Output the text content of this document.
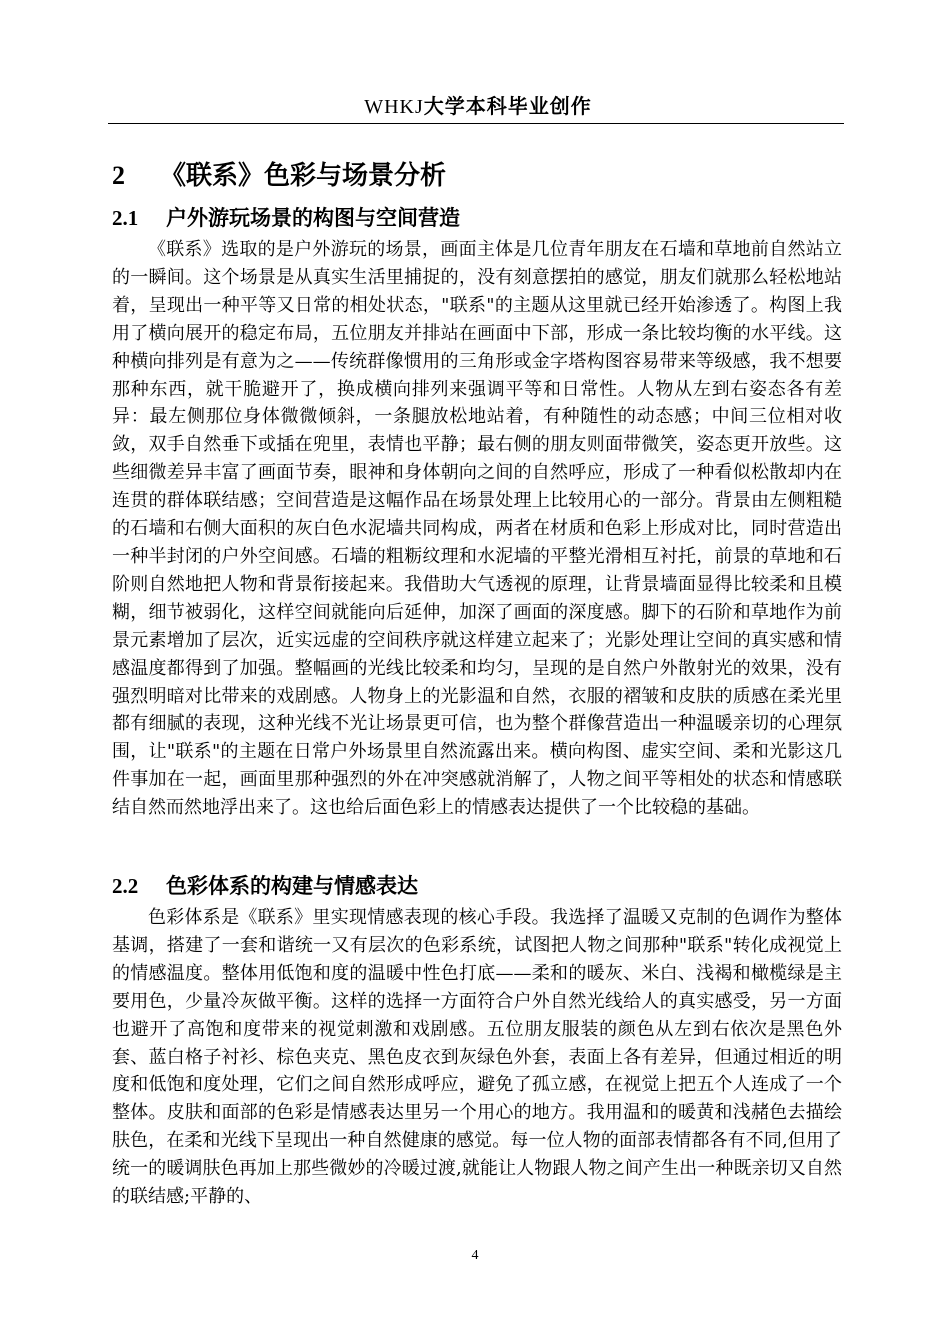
WHKJ大学本科毕业创作
2 《联系》色彩与场景分析
2.1 户外游玩场景的构图与空间营造

《联系》选取的是户外游玩的场景，画面主体是几位青年朋友在石墙和草地前自然站立的一瞬间。这个场景是从真实生活里捕捉的，没有刻意摆拍的感觉，朋友们就那么轻松地站着，呈现出一种平等又日常的相处状态，"联系"的主题从这里就已经开始渗透了。构图上我用了横向展开的稳定布局，五位朋友并排站在画面中下部，形成一条比较均衡的水平线。这种横向排列是有意为之——传统群像惯用的三角形或金字塔构图容易带来等级感，我不想要那种东西，就干脆避开了，换成横向排列来强调平等和日常性。人物从左到右姿态各有差异：最左侧那位身体微微倾斜，一条腿放松地站着，有种随性的动态感；中间三位相对收敛，双手自然垂下或插在兜里，表情也平静；最右侧的朋友则面带微笑，姿态更开放些。这些细微差异丰富了画面节奏，眼神和身体朝向之间的自然呼应，形成了一种看似松散却内在连贯的群体联结感；空间营造是这幅作品在场景处理上比较用心的一部分。背景由左侧粗糙的石墙和右侧大面积的灰白色水泥墙共同构成，两者在材质和色彩上形成对比，同时营造出一种半封闭的户外空间感。石墙的粗粝纹理和水泥墙的平整光滑相互衬托，前景的草地和石阶则自然地把人物和背景衔接起来。我借助大气透视的原理，让背景墙面显得比较柔和且模糊，细节被弱化，这样空间就能向后延伸，加深了画面的深度感。脚下的石阶和草地作为前景元素增加了层次，近实远虚的空间秩序就这样建立起来了；光影处理让空间的真实感和情感温度都得到了加强。整幅画的光线比较柔和均匀，呈现的是自然户外散射光的效果，没有强烈明暗对比带来的戏剧感。人物身上的光影温和自然，衣服的褶皱和皮肤的质感在柔光里都有细腻的表现，这种光线不光让场景更可信，也为整个群像营造出一种温暖亲切的心理氛围，让"联系"的主题在日常户外场景里自然流露出来。横向构图、虚实空间、柔和光影这几件事加在一起，画面里那种强烈的外在冲突感就消解了，人物之间平等相处的状态和情感联结自然而然地浮出来了。这也给后面色彩上的情感表达提供了一个比较稳的基础。

2.2 色彩体系的构建与情感表达

色彩体系是《联系》里实现情感表现的核心手段。我选择了温暖又克制的色调作为整体基调，搭建了一套和谐统一又有层次的色彩系统，试图把人物之间那种"联系"转化成视觉上的情感温度。整体用低饱和度的温暖中性色打底——柔和的暖灰、米白、浅褐和橄榄绿是主要用色，少量冷灰做平衡。这样的选择一方面符合户外自然光线给人的真实感受，另一方面也避开了高饱和度带来的视觉刺激和戏剧感。五位朋友服装的颜色从左到右依次是黑色外套、蓝白格子衬衫、棕色夹克、黑色皮衣到灰绿色外套，表面上各有差异，但通过相近的明度和低饱和度处理，它们之间自然形成呼应，避免了孤立感，在视觉上把五个人连成了一个整体。皮肤和面部的色彩是情感表达里另一个用心的地方。我用温和的暖黄和浅赭色去描绘肤色，在柔和光线下呈现出一种自然健康的感觉。每一位人物的面部表情都各有不同,但用了统一的暖调肤色再加上那些微妙的冷暖过渡,就能让人物跟人物之间产生出一种既亲切又自然的联结感;平静的、

4
